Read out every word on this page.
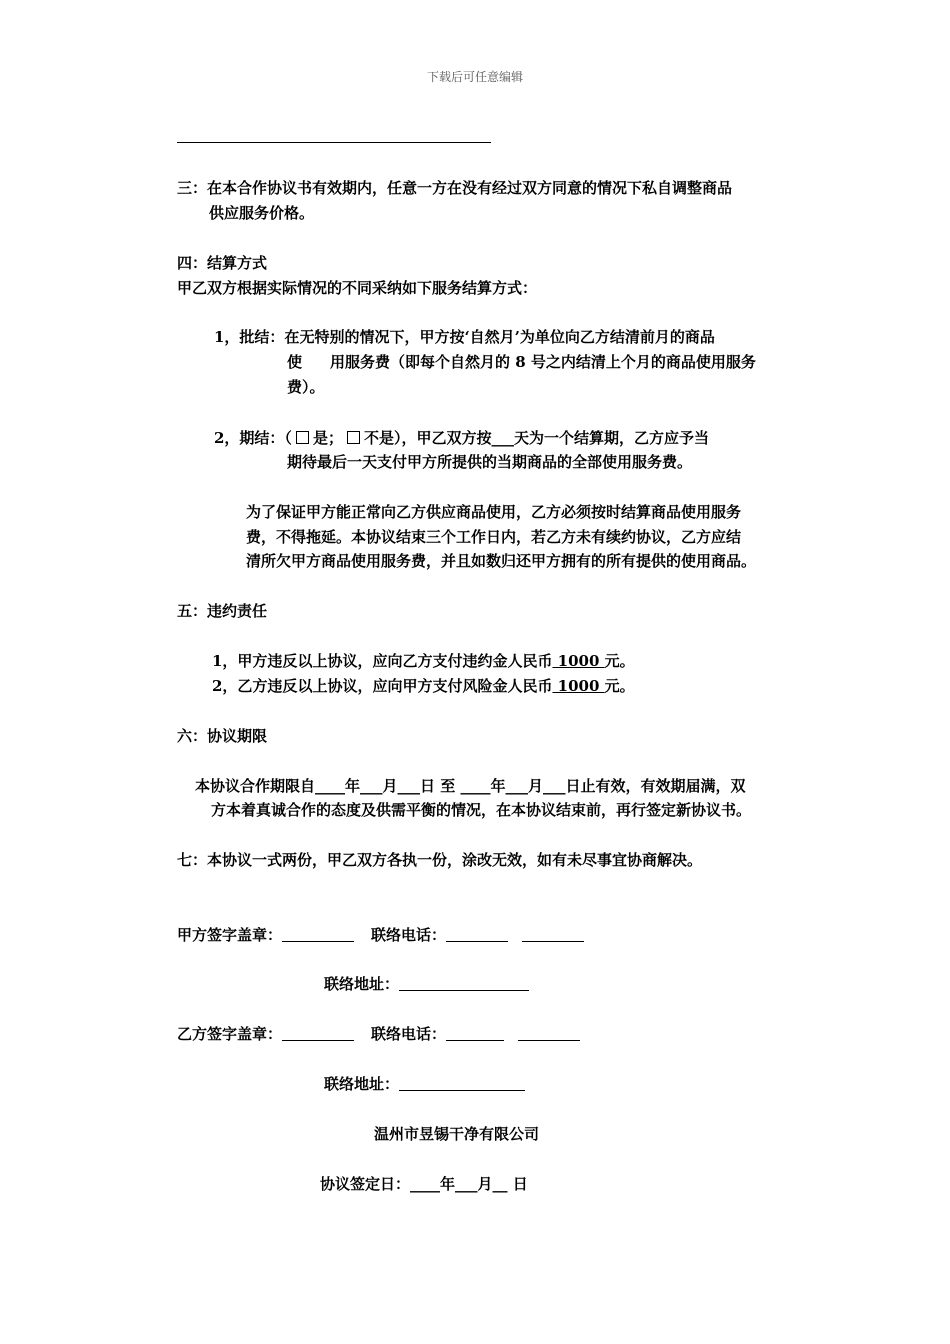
下载后可任意编辑
三：在本合作协议书有效期内，任意一方在没有经过双方同意的情况下私自调整商品
供应服务价格。
四：结算方式
甲乙双方根据实际情况的不同采纳如下服务结算方式：
1，批结：在无特别的情况下，甲方按‘自然月’为单位向乙方结清前月的商品
使 用服务费（即每个自然月的 8 号之内结清上个月的商品使用服务
费）。
2，期结：（ 是； 不是），甲乙双方按___天为一个结算期，乙方应予当
期待最后一天支付甲方所提供的当期商品的全部使用服务费。
为了保证甲方能正常向乙方供应商品使用，乙方必须按时结算商品使用服务
费，不得拖延。本协议结束三个工作日内，若乙方未有续约协议，乙方应结
清所欠甲方商品使用服务费，并且如数归还甲方拥有的所有提供的使用商品。
五：违约责任
1，甲方违反以上协议，应向乙方支付违约金人民币 1000 元。
2，乙方违反以上协议，应向甲方支付风险金人民币 1000 元。
六：协议期限
本协议合作期限自____年___月___日 至 ____年___月___日止有效，有效期届满，双
方本着真诚合作的态度及供需平衡的情况，在本协议结束前，再行签定新协议书。
七：本协议一式两份，甲乙双方各执一份，涂改无效，如有未尽事宜协商解决。
甲方签字盖章：	联络电话：
联络地址：
乙方签字盖章：	联络电话：
联络地址：
温州市昱锡干净有限公司
协议签定日：____年___月__ 日
